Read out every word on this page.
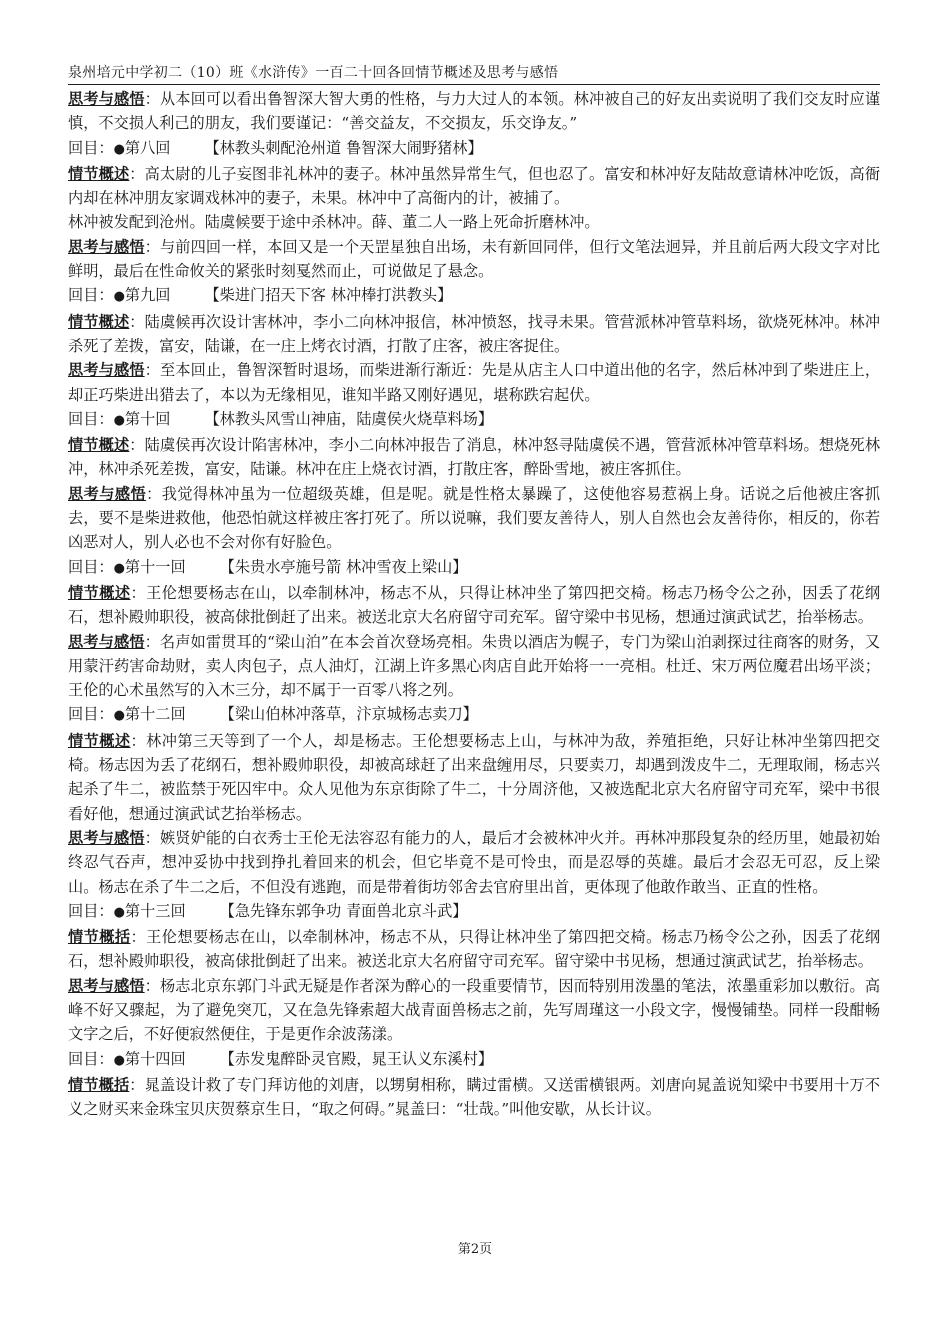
泉州培元中学初二（10）班《水浒传》一百二十回各回情节概述及思考与感悟
思考与感悟：从本回可以看出鲁智深大智大勇的性格，与力大过人的本领。林冲被自己的好友出卖说明了我们交友时应谨慎，不交损人利己的朋友，我们要谨记：“善交益友，不交损友，乐交诤友。”
回目：●第八回 【林教头刺配沧州道 鲁智深大闹野猪林】
情节概述：高太尉的儿子妄图非礼林冲的妻子。林冲虽然异常生气，但也忍了。富安和林冲好友陆故意请林冲吃饭，高衙内却在林冲朋友家调戏林冲的妻子，未果。林冲中了高衙内的计，被捕了。
林冲被发配到沧州。陆虞候要于途中杀林冲。薛、董二人一路上死命折磨林冲。
思考与感悟：与前四回一样，本回又是一个天罡星独自出场，未有新回同伴，但行文笔法迥异，并且前后两大段文字对比鲜明，最后在性命攸关的紧张时刻戛然而止，可说做足了悬念。
回目：●第九回 【柴进门招天下客 林冲棒打洪教头】
情节概述：陆虞候再次设计害林冲，李小二向林冲报信，林冲愤怒，找寻未果。管营派林冲管草料场，欲烧死林冲。林冲杀死了差拨，富安，陆谦，在一庄上烤衣讨酒，打散了庄客，被庄客捉住。
思考与感悟：至本回止，鲁智深暂时退场，而柴进渐行渐近：先是从店主人口中道出他的名字，然后林冲到了柴进庄上，却正巧柴进出猎去了，本以为无缘相见，谁知半路又刚好遇见，堪称跌宕起伏。
回目：●第十回 【林教头风雪山神庙，陆虞侯火烧草料场】
情节概述：陆虞侯再次设计陷害林冲，李小二向林冲报告了消息，林冲怒寻陆虞侯不遇，管营派林冲管草料场。想烧死林冲，林冲杀死差拨，富安，陆谦。林冲在庄上烧衣讨酒，打散庄客，醉卧雪地，被庄客抓住。
思考与感悟：我觉得林冲虽为一位超级英雄，但是呢。就是性格太暴躁了，这使他容易惹祸上身。话说之后他被庄客抓去，要不是柴进救他，他恐怕就这样被庄客打死了。所以说嘛，我们要友善待人，别人自然也会友善待你，相反的，你若凶恶对人，别人必也不会对你有好脸色。
回目：●第十一回 【朱贵水亭施号箭 林冲雪夜上梁山】
情节概述：王伦想要杨志在山，以牵制林冲，杨志不从，只得让林冲坐了第四把交椅。杨志乃杨令公之孙，因丢了花纲石，想补殿帅职役，被高俅批倒赶了出来。被送北京大名府留守司充军。留守梁中书见杨，想通过演武试艺，抬举杨志。
思考与感悟：名声如雷贯耳的“梁山泊”在本会首次登场亮相。朱贵以酒店为幌子，专门为梁山泊剥探过往商客的财务，又用蒙汗药害命劫财，卖人肉包子，点人油灯，江湖上许多黑心肉店自此开始将一一亮相。杜迁、宋万两位魔君出场平淡；王伦的心术虽然写的入木三分，却不属于一百零八将之列。
回目：●第十二回 【梁山伯林冲落草，汴京城杨志卖刀】
情节概述：林冲第三天等到了一个人，却是杨志。王伦想要杨志上山，与林冲为敌，养殖拒绝，只好让林冲坐第四把交椅。杨志因为丢了花纲石，想补殿帅职役，却被高球赶了出来盘缠用尽，只要卖刀，却遇到泼皮牛二，无理取闹，杨志兴起杀了牛二，被监禁于死囚牢中。众人见他为东京街除了牛二，十分周济他，又被选配北京大名府留守司充军，梁中书很看好他，想通过演武试艺抬举杨志。
思考与感悟：嫉贤妒能的白衣秀士王伦无法容忍有能力的人，最后才会被林冲火并。再林冲那段复杂的经历里，她最初始终忍气吞声，想冲妥协中找到挣扎着回来的机会，但它毕竟不是可怜虫，而是忍辱的英雄。最后才会忍无可忍，反上梁山。杨志在杀了牛二之后，不但没有逃跑，而是带着街坊邻舍去官府里出首，更体现了他敢作敢当、正直的性格。
回目：●第十三回 【急先锋东郭争功 青面兽北京斗武】
情节概括：王伦想要杨志在山，以牵制林冲，杨志不从，只得让林冲坐了第四把交椅。杨志乃杨令公之孙，因丢了花纲石，想补殿帅职役，被高俅批倒赶了出来。被送北京大名府留守司充军。留守梁中书见杨，想通过演武试艺，抬举杨志。
思考与感悟：杨志北京东郭门斗武无疑是作者深为醉心的一段重要情节，因而特别用泼墨的笔法，浓墨重彩加以敷衍。高峰不好又骤起，为了避免突兀，又在急先锋索超大战青面兽杨志之前，先写周瑾这一小段文字，慢慢铺垫。同样一段酣畅文字之后，不好便寂然便住，于是更作余波荡漾。
回目：●第十四回 【赤发鬼醉卧灵官殿，晁王认义东溪村】
情节概括：晁盖设计救了专门拜访他的刘唐，以甥舅相称，瞒过雷横。又送雷横银两。刘唐向晁盖说知梁中书要用十万不义之财买来金珠宝贝庆贺蔡京生日，“取之何碍。”晁盖曰：“壮哉。”叫他安歇，从长计议。
第2页
